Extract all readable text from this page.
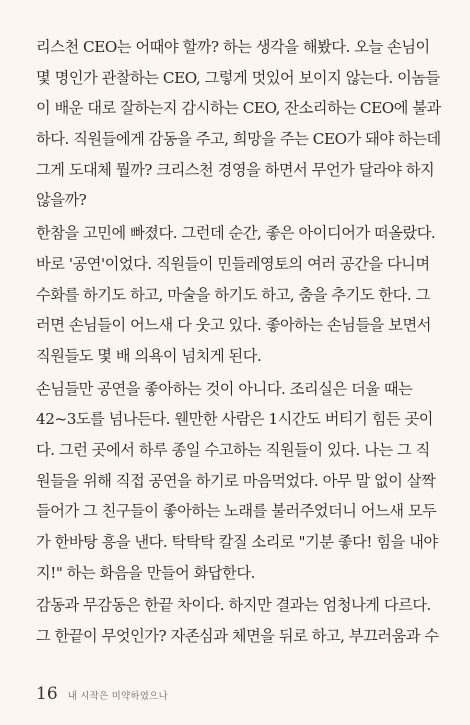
리스천 CEO는 어때야 할까? 하는 생각을 해봤다. 오늘 손님이
몇 명인가 관찰하는 CEO, 그렇게 멋있어 보이지 않는다. 이놈들
이 배운 대로 잘하는지 감시하는 CEO, 잔소리하는 CEO에 불과
하다. 직원들에게 감동을 주고, 희망을 주는 CEO가 돼야 하는데
그게 도대체 뭘까? 크리스천 경영을 하면서 무언가 달라야 하지
않을까?
한참을 고민에 빠졌다. 그런데 순간, 좋은 아이디어가 떠올랐다.
바로 '공연'이었다. 직원들이 민들레영토의 여러 공간을 다니며
수화를 하기도 하고, 마술을 하기도 하고, 춤을 추기도 한다. 그
러면 손님들이 어느새 다 웃고 있다. 좋아하는 손님들을 보면서
직원들도 몇 배 의욕이 넘치게 된다.
손님들만 공연을 좋아하는 것이 아니다. 조리실은 더울 때는
42~3도를 넘나든다. 웬만한 사람은 1시간도 버티기 힘든 곳이
다. 그런 곳에서 하루 종일 수고하는 직원들이 있다. 나는 그 직
원들을 위해 직접 공연을 하기로 마음먹었다. 아무 말 없이 살짝
들어가 그 친구들이 좋아하는 노래를 불러주었더니 어느새 모두
가 한바탕 흥을 낸다. 탁탁탁 칼질 소리로 "기분 좋다! 힘을 내야
지!" 하는 화음을 만들어 화답한다.
감동과 무감동은 한끝 차이다. 하지만 결과는 엄청나게 다르다.
그 한끝이 무엇인가? 자존심과 체면을 뒤로 하고, 부끄러움과 수
16 내 시작은 미약하였으나
